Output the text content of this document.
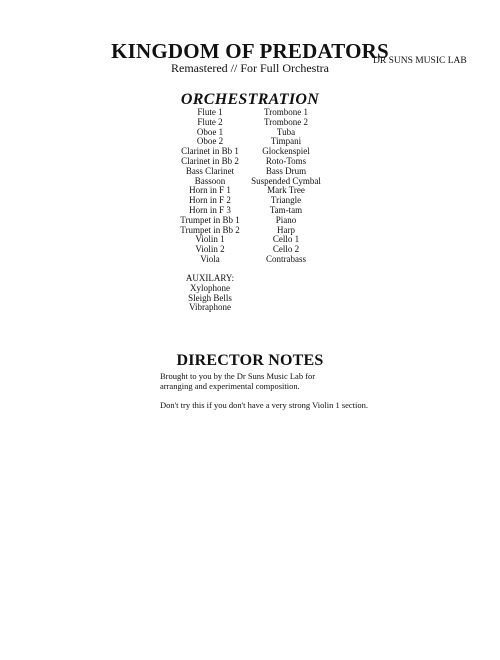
KINGDOM OF PREDATORS
DR SUNS MUSIC LAB
Remastered // For Full Orchestra
ORCHESTRATION
Flute 1
Flute 2
Oboe 1
Oboe 2
Clarinet in Bb 1
Clarinet in Bb 2
Bass Clarinet
Bassoon
Horn in F 1
Horn in F 2
Horn in F 3
Trumpet in Bb 1
Trumpet in Bb 2
Violin 1
Violin 2
Viola
Trombone 1
Trombone 2
Tuba
Timpani
Glockenspiel
Roto-Toms
Bass Drum
Suspended Cymbal
Mark Tree
Triangle
Tam-tam
Piano
Harp
Cello 1
Cello 2
Contrabass
AUXILARY:
Xylophone
Sleigh Bells
Vibraphone
DIRECTOR NOTES

Brought to you by the Dr Suns Music Lab for
arranging and experimental composition.

Don't try this if you don't have a very strong Violin 1 section.
